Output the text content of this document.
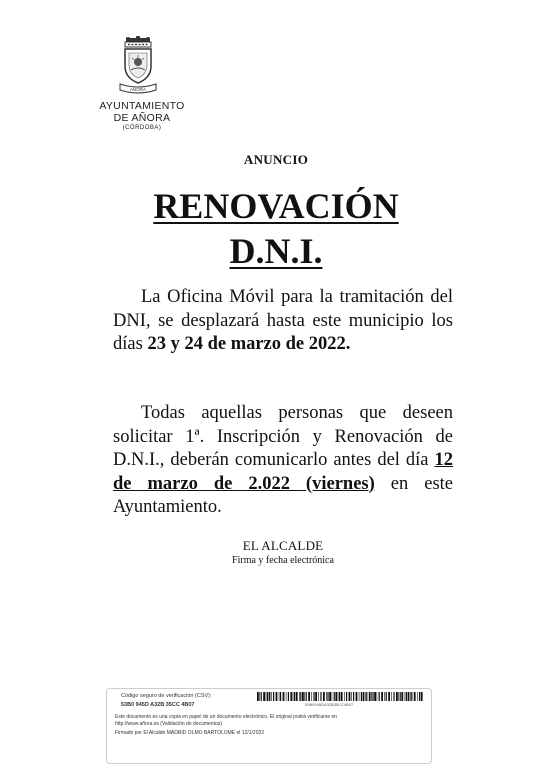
AÑORA
AYUNTAMIENTO
DE AÑORA
(CÓRDOBA)
ANUNCIO
RENOVACIÓN
D.N.I.
La Oficina Móvil para la tramitación del DNI, se desplazará hasta este municipio los días 23 y 24 de marzo de 2022.
Todas aquellas personas que deseen solicitar 1ª. Inscripción y Renovación de D.N.I., deberán comunicarlo antes del día 12 de marzo de 2.022 (viernes) en este Ayuntamiento.
EL ALCALDE
Firma y fecha electrónica
Código seguro de verificación (CSV):
53B0 945D A32B 35CC 4B07	53B0945DA32B35CC4B07
Este documento es una copia en papel de un documento electrónico. El original podrá verificarse en
http://www.añora.es (Validación de documentos)
Firmado por El Alcalde MADRID OLMO BARTOLOME el 12/1/2022
